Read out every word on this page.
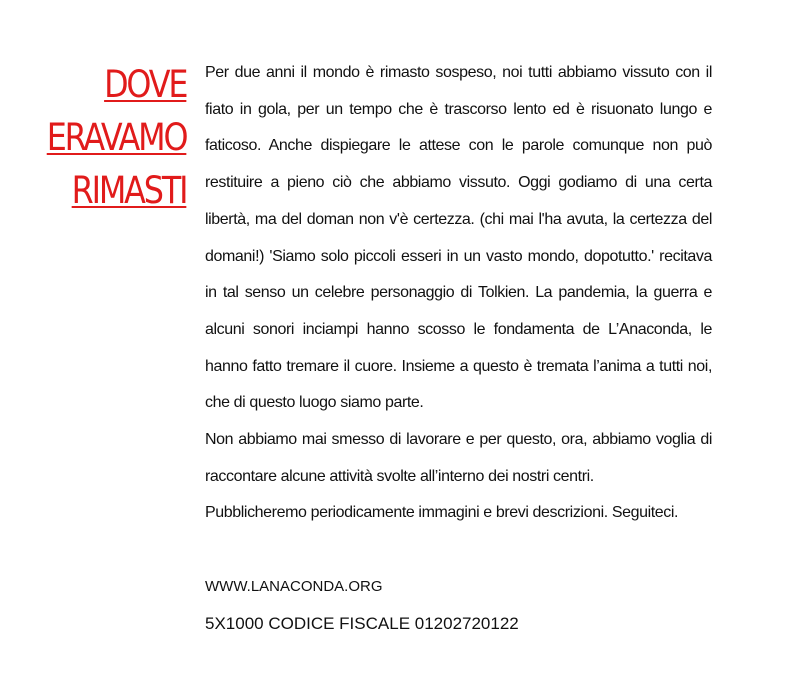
DOVE
ERAVAMO
RIMASTI

Per due anni il mondo è rimasto sospeso, noi tutti abbiamo vissuto con il fiato in gola, per un tempo che è trascorso lento ed è risuonato lungo e faticoso. Anche dispiegare le attese con le parole comunque non può restituire a pieno ciò che abbiamo vissuto. Oggi godiamo di una certa libertà, ma del doman non v'è certezza. (chi mai l'ha avuta, la certezza del domani!) 'Siamo solo piccoli esseri in un vasto mondo, dopotutto.' recitava in tal senso un celebre personaggio di Tolkien. La pandemia, la guerra e alcuni sonori inciampi hanno scosso le fondamenta de L’Anaconda, le hanno fatto tremare il cuore. Insieme a questo è tremata l’anima a tutti noi, che di questo luogo siamo parte.

Non abbiamo mai smesso di lavorare e per questo, ora, abbiamo voglia di raccontare alcune attività svolte all’interno dei nostri centri.

Pubblicheremo periodicamente immagini e brevi descrizioni. Seguiteci.

WWW.LANACONDA.ORG
5X1000 CODICE FISCALE 01202720122
